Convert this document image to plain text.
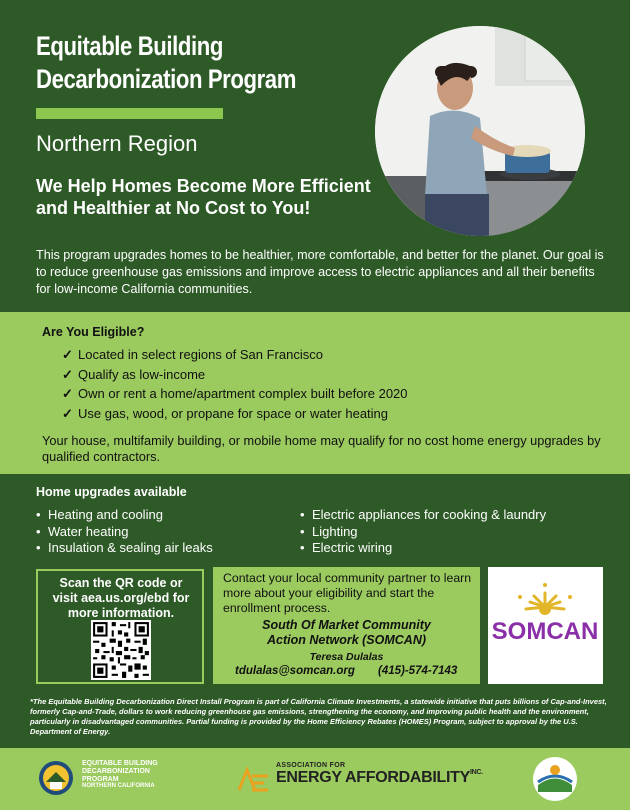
Equitable Building
Decarbonization Program
Northern Region
We Help Homes Become More Efficient and Healthier at No Cost to You!
This program upgrades homes to be healthier, more comfortable, and better for the planet. Our goal is to reduce greenhouse gas emissions and improve access to electric appliances and all their benefits for low-income California communities.
Are You Eligible?
✓ Located in select regions of San Francisco
✓ Qualify as low-income
✓ Own or rent a home/apartment complex built before 2020
✓ Use gas, wood, or propane for space or water heating
Your house, multifamily building, or mobile home may qualify for no cost home energy upgrades by qualified contractors.
Home upgrades available
• Heating and cooling
• Water heating
• Insulation & sealing air leaks
• Electric appliances for cooking & laundry
• Lighting
• Electric wiring
Scan the QR code or visit aea.us.org/ebd for more information.
Contact your local community partner to learn more about your eligibility and start the enrollment process.
South Of Market Community
Action Network (SOMCAN)
Teresa Dulalas
tdulalas@somcan.org (415)-574-7143
SOMCAN
*The Equitable Building Decarbonization Direct Install Program is part of California Climate Investments, a statewide initiative that puts billions of Cap-and-Invest, formerly Cap-and-Trade, dollars to work reducing greenhouse gas emissions, strengthening the economy, and improving public health and the environment, particularly in disadvantaged communities. Partial funding is provided by the Home Efficiency Rebates (HOMES) Program, subject to approval by the U.S. Department of Energy.
EQUITABLE BUILDING
DECARBONIZATION
PROGRAM
NORTHERN CALIFORNIA
ASSOCIATION FOR
ENERGY $AFFORDABILITY^{INC.}$
